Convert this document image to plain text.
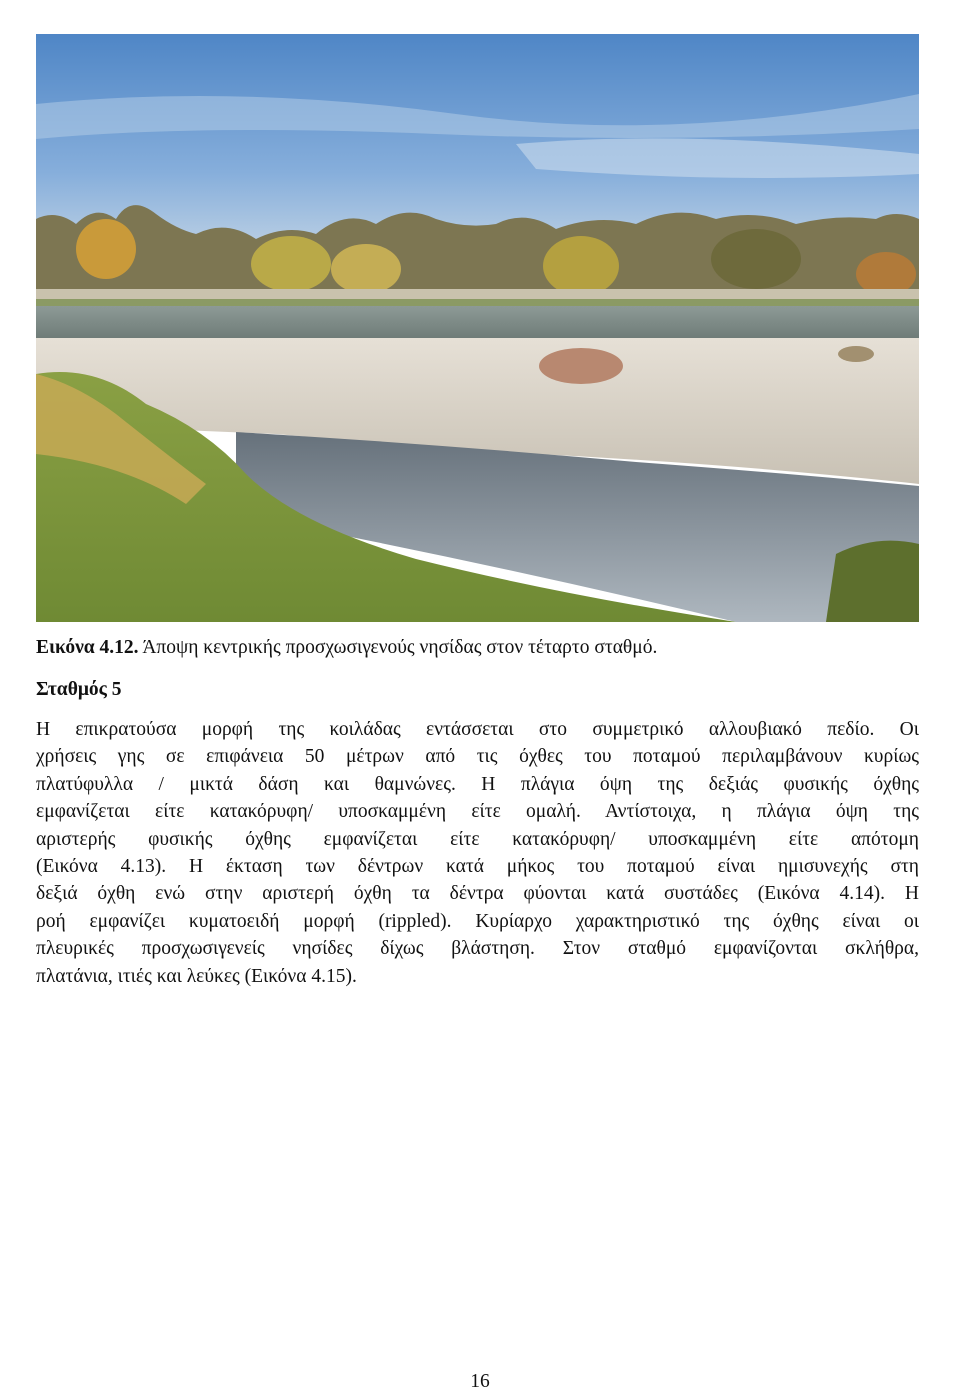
Εικόνα 4.12. Άποψη κεντρικής προσχωσιγενούς νησίδας στον τέταρτο σταθμό.
Σταθμός 5
Η επικρατούσα μορφή της κοιλάδας εντάσσεται στο συμμετρικό αλλουβιακό πεδίο. Οι
χρήσεις γης σε επιφάνεια 50 μέτρων από τις όχθες του ποταμού περιλαμβάνουν κυρίως
πλατύφυλλα / μικτά δάση και θαμνώνες. Η πλάγια όψη της δεξιάς φυσικής όχθης
εμφανίζεται είτε κατακόρυφη/ υποσκαμμένη είτε ομαλή. Αντίστοιχα, η πλάγια όψη της
αριστερής φυσικής όχθης εμφανίζεται είτε κατακόρυφη/ υποσκαμμένη είτε απότομη
(Εικόνα 4.13). Η έκταση των δέντρων κατά μήκος του ποταμού είναι ημισυνεχής στη
δεξιά όχθη ενώ στην αριστερή όχθη τα δέντρα φύονται κατά συστάδες (Εικόνα 4.14). Η
ροή εμφανίζει κυματοειδή μορφή (rippled). Κυρίαρχο χαρακτηριστικό της όχθης είναι οι
πλευρικές προσχωσιγενείς νησίδες δίχως βλάστηση. Στον σταθμό εμφανίζονται σκλήθρα,
πλατάνια, ιτιές και λεύκες (Εικόνα 4.15).
16
